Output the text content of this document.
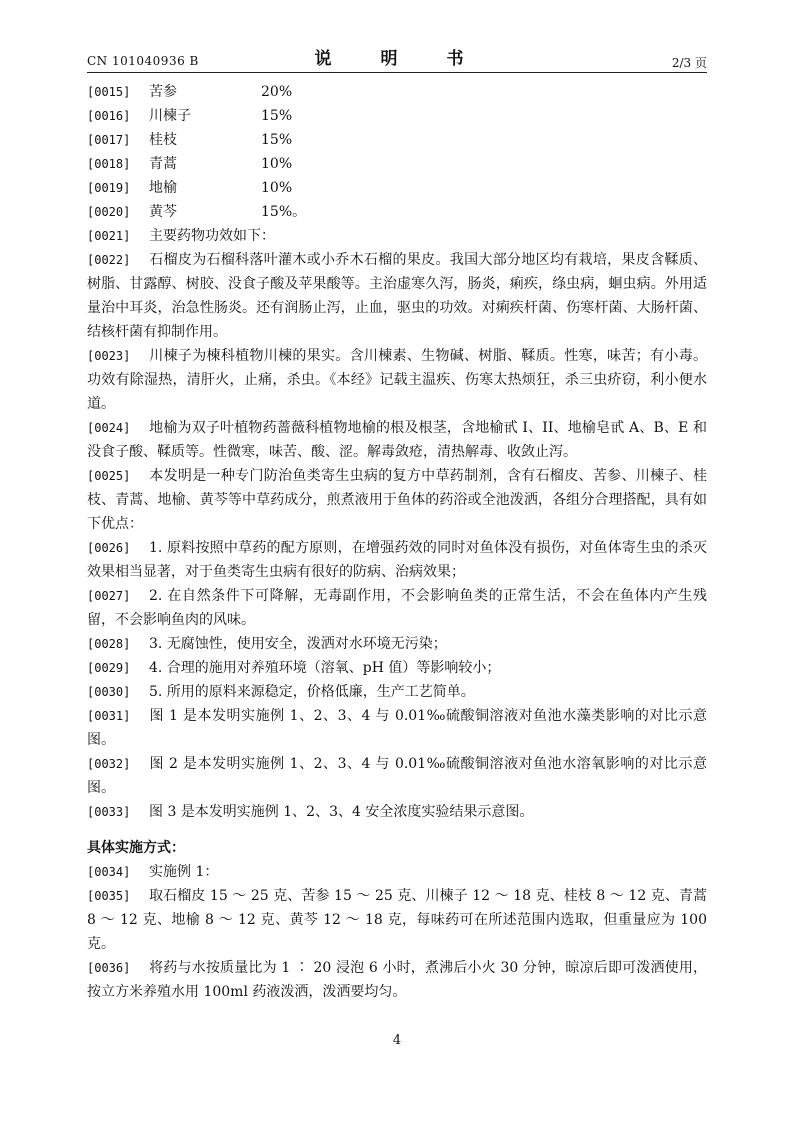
CN 101040936 B	说　明　书	2/3 页
[0015]	苦参	20%
[0016]	川楝子	15%
[0017]	桂枝	15%
[0018]	青蒿	10%
[0019]	地榆	10%
[0020]	黄芩	15%。
[0021] 主要药物功效如下：
[0022] 石榴皮为石榴科落叶灌木或小乔木石榴的果皮。我国大部分地区均有栽培，果皮含鞣质、树脂、甘露醇、树胶、没食子酸及苹果酸等。主治虚寒久泻，肠炎，痢疾，绦虫病，蛔虫病。外用适量治中耳炎，治急性肠炎。还有润肠止泻，止血，驱虫的功效。对痢疾杆菌、伤寒杆菌、大肠杆菌、结核杆菌有抑制作用。
[0023] 川楝子为楝科植物川楝的果实。含川楝素、生物碱、树脂、鞣质。性寒，味苦；有小毒。功效有除湿热，清肝火，止痛，杀虫。《本经》记载主温疾、伤寒太热烦狂，杀三虫疥窃，利小便水道。
[0024] 地榆为双子叶植物药蔷薇科植物地榆的根及根茎，含地榆甙 I、II、地榆皂甙 A、B、E 和没食子酸、鞣质等。性微寒，味苦、酸、涩。解毒敛疮，清热解毒、收敛止泻。
[0025] 本发明是一种专门防治鱼类寄生虫病的复方中草药制剂，含有石榴皮、苦参、川楝子、桂枝、青蒿、地榆、黄芩等中草药成分，煎煮液用于鱼体的药浴或全池泼洒，各组分合理搭配，具有如下优点：
[0026] 1. 原料按照中草药的配方原则，在增强药效的同时对鱼体没有损伤，对鱼体寄生虫的杀灭效果相当显著，对于鱼类寄生虫病有很好的防病、治病效果；
[0027] 2. 在自然条件下可降解，无毒副作用，不会影响鱼类的正常生活，不会在鱼体内产生残留，不会影响鱼肉的风味。
[0028] 3. 无腐蚀性，使用安全，泼洒对水环境无污染；
[0029] 4. 合理的施用对养殖环境（溶氧、pH 值）等影响较小；
[0030] 5. 所用的原料来源稳定，价格低廉，生产工艺简单。
[0031] 图 1 是本发明实施例 1、2、3、4 与 0.01‰硫酸铜溶液对鱼池水藻类影响的对比示意图。
[0032] 图 2 是本发明实施例 1、2、3、4 与 0.01‰硫酸铜溶液对鱼池水溶氧影响的对比示意图。
[0033] 图 3 是本发明实施例 1、2、3、4 安全浓度实验结果示意图。
具体实施方式：
[0034] 实施例 1：
[0035] 取石榴皮 15 ～ 25 克、苦参 15 ～ 25 克、川楝子 12 ～ 18 克、桂枝 8 ～ 12 克、青蒿 8 ～ 12 克、地榆 8 ～ 12 克、黄芩 12 ～ 18 克，每味药可在所述范围内选取，但重量应为 100 克。
[0036] 将药与水按质量比为 1 ∶ 20 浸泡 6 小时，煮沸后小火 30 分钟，晾凉后即可泼洒使用，按立方米养殖水用 100ml 药液泼洒，泼洒要均匀。
4
